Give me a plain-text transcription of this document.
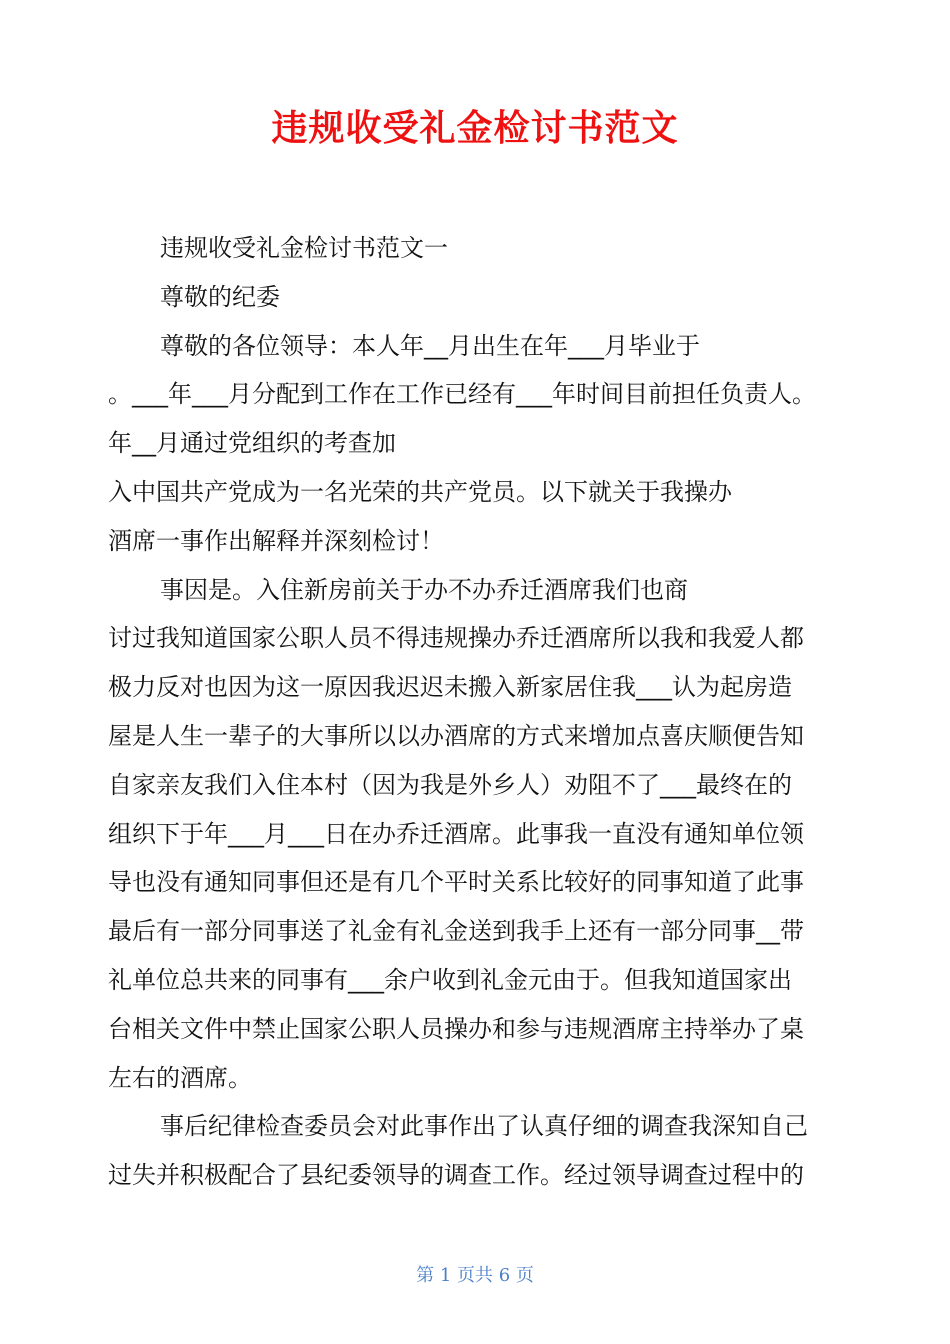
违规收受礼金检讨书范文
违规收受礼金检讨书范文一
尊敬的纪委
尊敬的各位领导：本人年__月出生在年___月毕业于
。___年___月分配到工作在工作已经有___年时间目前担任负责人。
年__月通过党组织的考查加
入中国共产党成为一名光荣的共产党员。以下就关于我操办
酒席一事作出解释并深刻检讨！
事因是。入住新房前关于办不办乔迁酒席我们也商
讨过我知道国家公职人员不得违规操办乔迁酒席所以我和我爱人都
极力反对也因为这一原因我迟迟未搬入新家居住我___认为起房造
屋是人生一辈子的大事所以以办酒席的方式来增加点喜庆顺便告知
自家亲友我们入住本村（因为我是外乡人）劝阻不了___最终在的
组织下于年___月___日在办乔迁酒席。此事我一直没有通知单位领
导也没有通知同事但还是有几个平时关系比较好的同事知道了此事
最后有一部分同事送了礼金有礼金送到我手上还有一部分同事__带
礼单位总共来的同事有___余户收到礼金元由于。但我知道国家出
台相关文件中禁止国家公职人员操办和参与违规酒席主持举办了桌
左右的酒席。
事后纪律检查委员会对此事作出了认真仔细的调查我深知自己
过失并积极配合了县纪委领导的调查工作。经过领导调查过程中的
第 1 页共 6 页
